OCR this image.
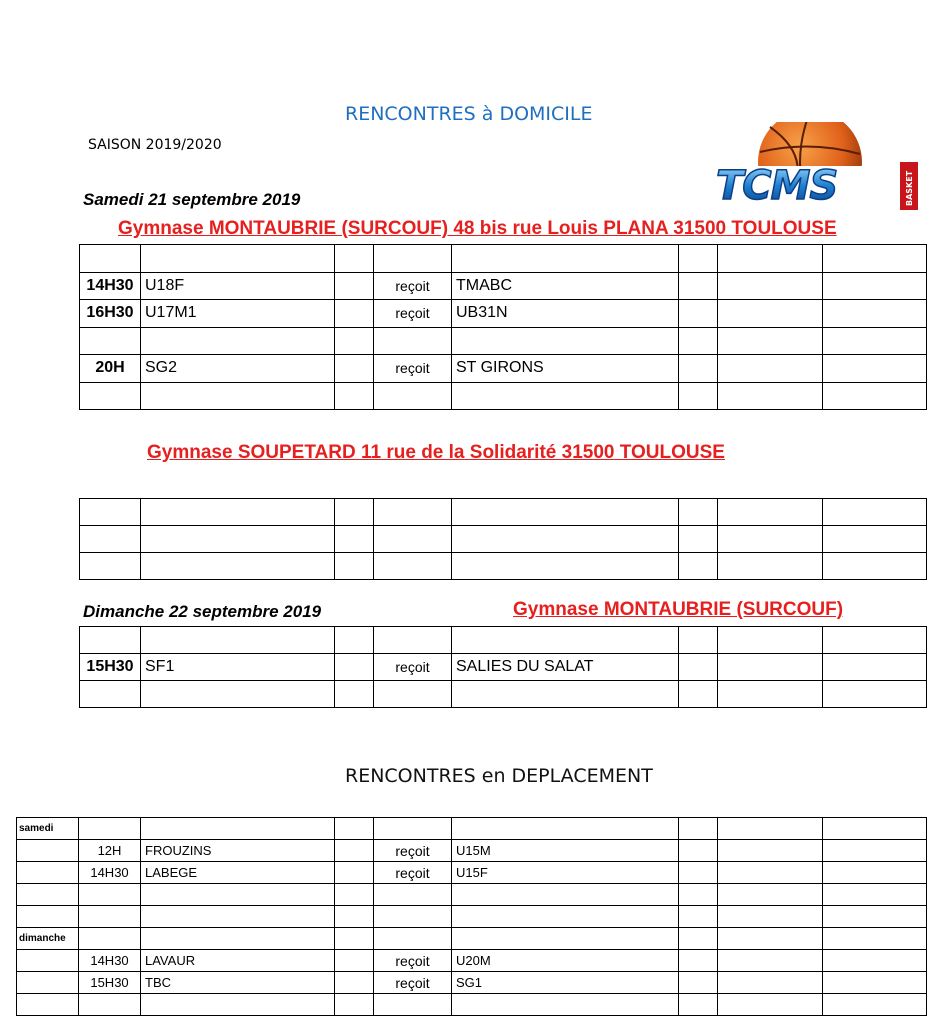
RENCONTRES à DOMICILE
SAISON 2019/2020
TCMS	BASKET
Samedi 21 septembre 2019
Gymnase MONTAUBRIE (SURCOUF) 48 bis rue Louis PLANA 31500 TOULOUSE

14H30	U18F		reçoit	TMABC			
16H30	U17M1		reçoit	UB31N			

20H	SG2		reçoit	ST GIRONS			

Gymnase SOUPETARD 11 rue de la Solidarité 31500 TOULOUSE

Dimanche 22 septembre 2019	Gymnase MONTAUBRIE (SURCOUF)

15H30	SF1		reçoit	SALIES DU SALAT			

RENCONTRES en DEPLACEMENT
samedi								
	12H	FROUZINS		reçoit	U15M			
	14H30	LABEGE		reçoit	U15F			

dimanche								
	14H30	LAVAUR		reçoit	U20M			
	15H30	TBC		reçoit	SG1			
